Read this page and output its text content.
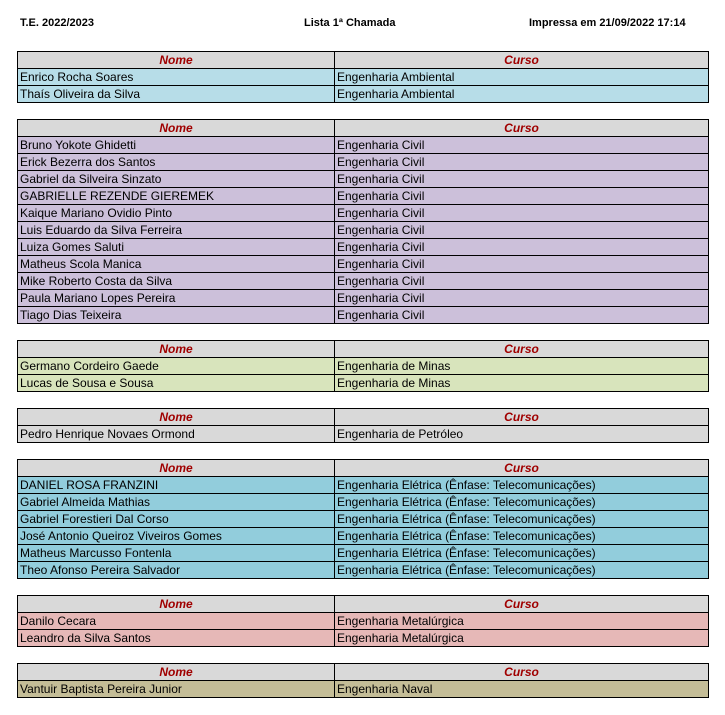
T.E. 2022/2023	Lista 1ª Chamada	Impressa em 21/09/2022 17:14
Nome	Curso
Enrico Rocha Soares	Engenharia Ambiental
Thaís Oliveira da Silva	Engenharia Ambiental
Nome	Curso
Bruno Yokote Ghidetti	Engenharia Civil
Erick Bezerra dos Santos	Engenharia Civil
Gabriel da Silveira Sinzato	Engenharia Civil
GABRIELLE REZENDE GIEREMEK	Engenharia Civil
Kaique Mariano Ovidio Pinto	Engenharia Civil
Luis Eduardo da Silva Ferreira	Engenharia Civil
Luiza Gomes Saluti	Engenharia Civil
Matheus Scola Manica	Engenharia Civil
Mike Roberto Costa da Silva	Engenharia Civil
Paula Mariano Lopes Pereira	Engenharia Civil
Tiago Dias Teixeira	Engenharia Civil
Nome	Curso
Germano Cordeiro Gaede	Engenharia de Minas
Lucas de Sousa e Sousa	Engenharia de Minas
Nome	Curso
Pedro Henrique Novaes Ormond	Engenharia de Petróleo
Nome	Curso
DANIEL ROSA FRANZINI	Engenharia Elétrica (Ênfase: Telecomunicações)
Gabriel Almeida Mathias	Engenharia Elétrica (Ênfase: Telecomunicações)
Gabriel Forestieri Dal Corso	Engenharia Elétrica (Ênfase: Telecomunicações)
José Antonio Queiroz Viveiros Gomes	Engenharia Elétrica (Ênfase: Telecomunicações)
Matheus Marcusso Fontenla	Engenharia Elétrica (Ênfase: Telecomunicações)
Theo Afonso Pereira Salvador	Engenharia Elétrica (Ênfase: Telecomunicações)
Nome	Curso
Danilo Cecara	Engenharia Metalúrgica
Leandro da Silva Santos	Engenharia Metalúrgica
Nome	Curso
Vantuir Baptista Pereira Junior	Engenharia Naval
